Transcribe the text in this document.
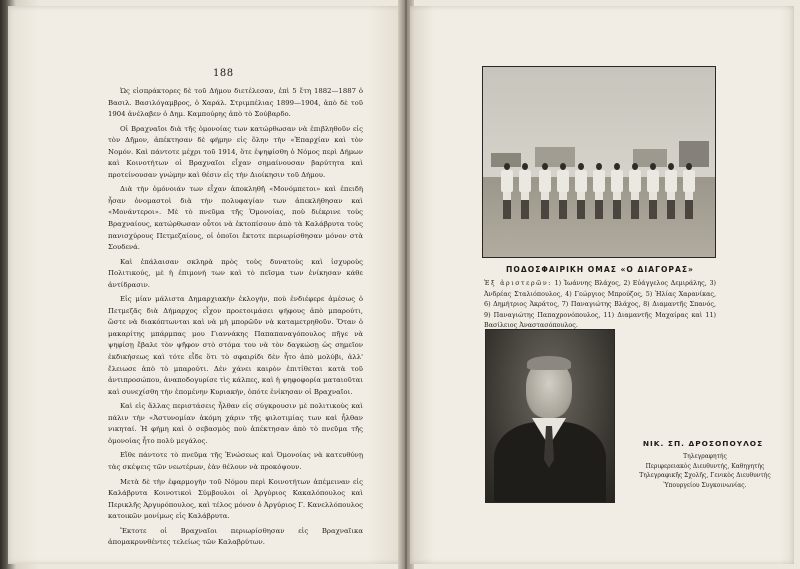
188

Ὡς εἰσπράκτορες δὲ τοῦ Δήμου διετέλεσαν, ἐπὶ 5 ἔτη 1882—1887 ὁ Βασιλ. Βασιλόγαμβρος, ὁ Χαράλ. Στριμπέλιας 1899—1904, ἀπὸ δὲ τοῦ 1904 ἀνέλαβεν ὁ Δημ. Καμπούρης ἀπὸ τὸ Σούβαρδο.

Οἱ Βραχναῖοι διὰ τῆς ὁμονοίας των κατώρθωσαν νὰ ἐπιβληθοῦν εἰς τὸν Δῆμον, ἀπέκτησαν δὲ φήμην εἰς ὅλην τὴν «Ἐπαρχίαν καὶ τὸν Νομόν. Καὶ πάντοτε μέχρι τοῦ 1914, ὅτε ἐψηφίσθη ὁ Νόμος περὶ Δήμων καὶ Κοινοτήτων οἱ Βραχναῖοι εἶχαν σημαίνουσαν βαρύτητα καὶ προτείνουσαν γνώμην καὶ θέσιν εἰς τὴν Διοίκησιν τοῦ Δήμου.

Διὰ τὴν ὁμόνοιάν των εἶχαν ἀποκληθῆ «Μονόμπετοι» καὶ ἐπειδὴ ἦσαν ὀνομαστοὶ διὰ τὴν πολυφαγίαν των ἀπεκλήθησαν καὶ «Μονάντεροι». Μὲ τὸ πνεῦμα τῆς Ὁμονοίας, ποὺ διέκρινε τοὺς Βραχναίους, κατώρθωσαν οὗτοι νὰ ἐκτοπίσουν ἀπὸ τὰ Καλάβρυτα τοὺς πανισχύρους Πετμεζαίους, οἱ ὁποῖοι ἔκτοτε περιωρίσθησαν μόνον στὰ Σουδενά.

Καὶ ἐπάλαισαν σκληρὰ πρὸς τοὺς δυνατοὺς καὶ ἰσχυροὺς Πολιτικούς, μὲ ἡ ἐπιμονή των καὶ τὸ πεῖσμα των ἐνίκησαν κάθε ἀντίδρασιν.

Εἰς μίαν μάλιστα Δημαρχιακὴν ἐκλογήν, ποὺ ἐνδιέφερε ἀμέσως ὁ Πετμεζᾶς διὰ Δήμαρχος εἶχον προετοιμάσει ψήφους ἀπὸ μπαρούτι, ὥστε νὰ διακόπτωνται καὶ νὰ μὴ μπορῶῦν νὰ καταμετρηθοῦν. Ὅταν ὁ μακαρίτης μπάρμπας μου Γιαννάκης Παπαπαναγόπουλος πῆγε νὰ ψηφίσῃ ἔβαλε τὸν ψῆφον στὸ στόμα του νὰ τὸν δαγκώσῃ ὡς σημεῖον ἐκδικήσεως καὶ τότε εἶδε ὅτι τὸ σφαιρίδι δὲν ἦτο ἀπὸ μολύβι, ἀλλ' ἔλειωσε ἀπὸ τὸ μπαρούτι. Δὲν χάνει καιρὸν ἐπιτίθεται κατὰ τοῦ ἀντιπροσώπου, ἀναποδογυρίσε τὶς κάλπες, καὶ ἡ ψηφοφορία ματαιοῦται καὶ συνεχίσθη τὴν ἐπομένην Κυριακήν, ὁπότε ἐνίκησαν οἱ Βραχναῖοι.

Καὶ εἰς ἄλλας περιστάσεις ἦλθαν εἰς σύγκρουσιν μὲ πολιτικοὺς καὶ πάλιν τὴν «Ἀστυνομίαν ἀκόμη χάριν τῆς φιλοτιμίας των καὶ ἦλθαν νικηταί. Ἡ φήμη καὶ ὁ σεβασμὸς ποὺ ἀπέκτησαν ἀπὸ τὸ πνεῦμα τῆς ὁμονοίας ἦτο πολὺ μεγάλος.

Εἴθε πάντοτε τὸ πνεῦμα τῆς Ἑνώσεως καὶ Ὁμονοίας νὰ κατευθύνῃ τὰς σκέψεις τῶν νεωτέρων, ἐὰν θέλουν νὰ προκόψουν.

Μετὰ δὲ τὴν ἐφαρμογὴν τοῦ Νόμου περὶ Κοινοτήτων ἀπέμειναν εἰς Καλάβρυτα Κοινοτικοὶ Σύμβουλοι οἱ Ἀργύριος Κακαλόπουλος καὶ Περικλῆς Ἀργυρόπουλος, καὶ τέλος μόνον ὁ Ἀργύριος Γ. Κανελλόπουλος κατοικῶν μονίμως εἰς Καλάβρυτα.

Ἔκτοτε οἱ Βραχναῖοι περιωρίσθησαν εἰς Βραχναῖικα ἀπομακρυνθέντες τελείως τῶν Καλαβρύτων.

ΠΟΔΟΣΦΑΙΡΙΚΗ ΟΜΑΣ «Ο ΔΙΑΓΟΡΑΣ»
Ἐξ ἀριστερῶν: 1) Ἰωάννης Βλάχος, 2) Εὐάγγελος Δεμιράλης, 3) Ἀνδρέας Σταλιόπουλος, 4) Γεώργιος Μπρούζος, 5) Ἠλίας Χαρανίκας, 6) Δημήτριος Ἀκράτος, 7) Παναγιώτης Βλάχος, 8) Διαμαντῆς Σπανός, 9) Παναγιώτης Παπαχρονόπουλος, 11) Διαμαντῆς Μαχαίρας καὶ 11) Βασίλειος Ἀναστασόπουλος.
ΝΙΚ. ΣΠ. ΔΡΟΣΟΠΟΥΛΟΣ
Τηλεγραφητής
Περιφερειακὸς Διευθυντής, Καθηγητὴς Τηλεγραφικῆς Σχολῆς, Γενικὸς Διευθυντὴς Ὑπουργείου Συγκοινωνίας.
